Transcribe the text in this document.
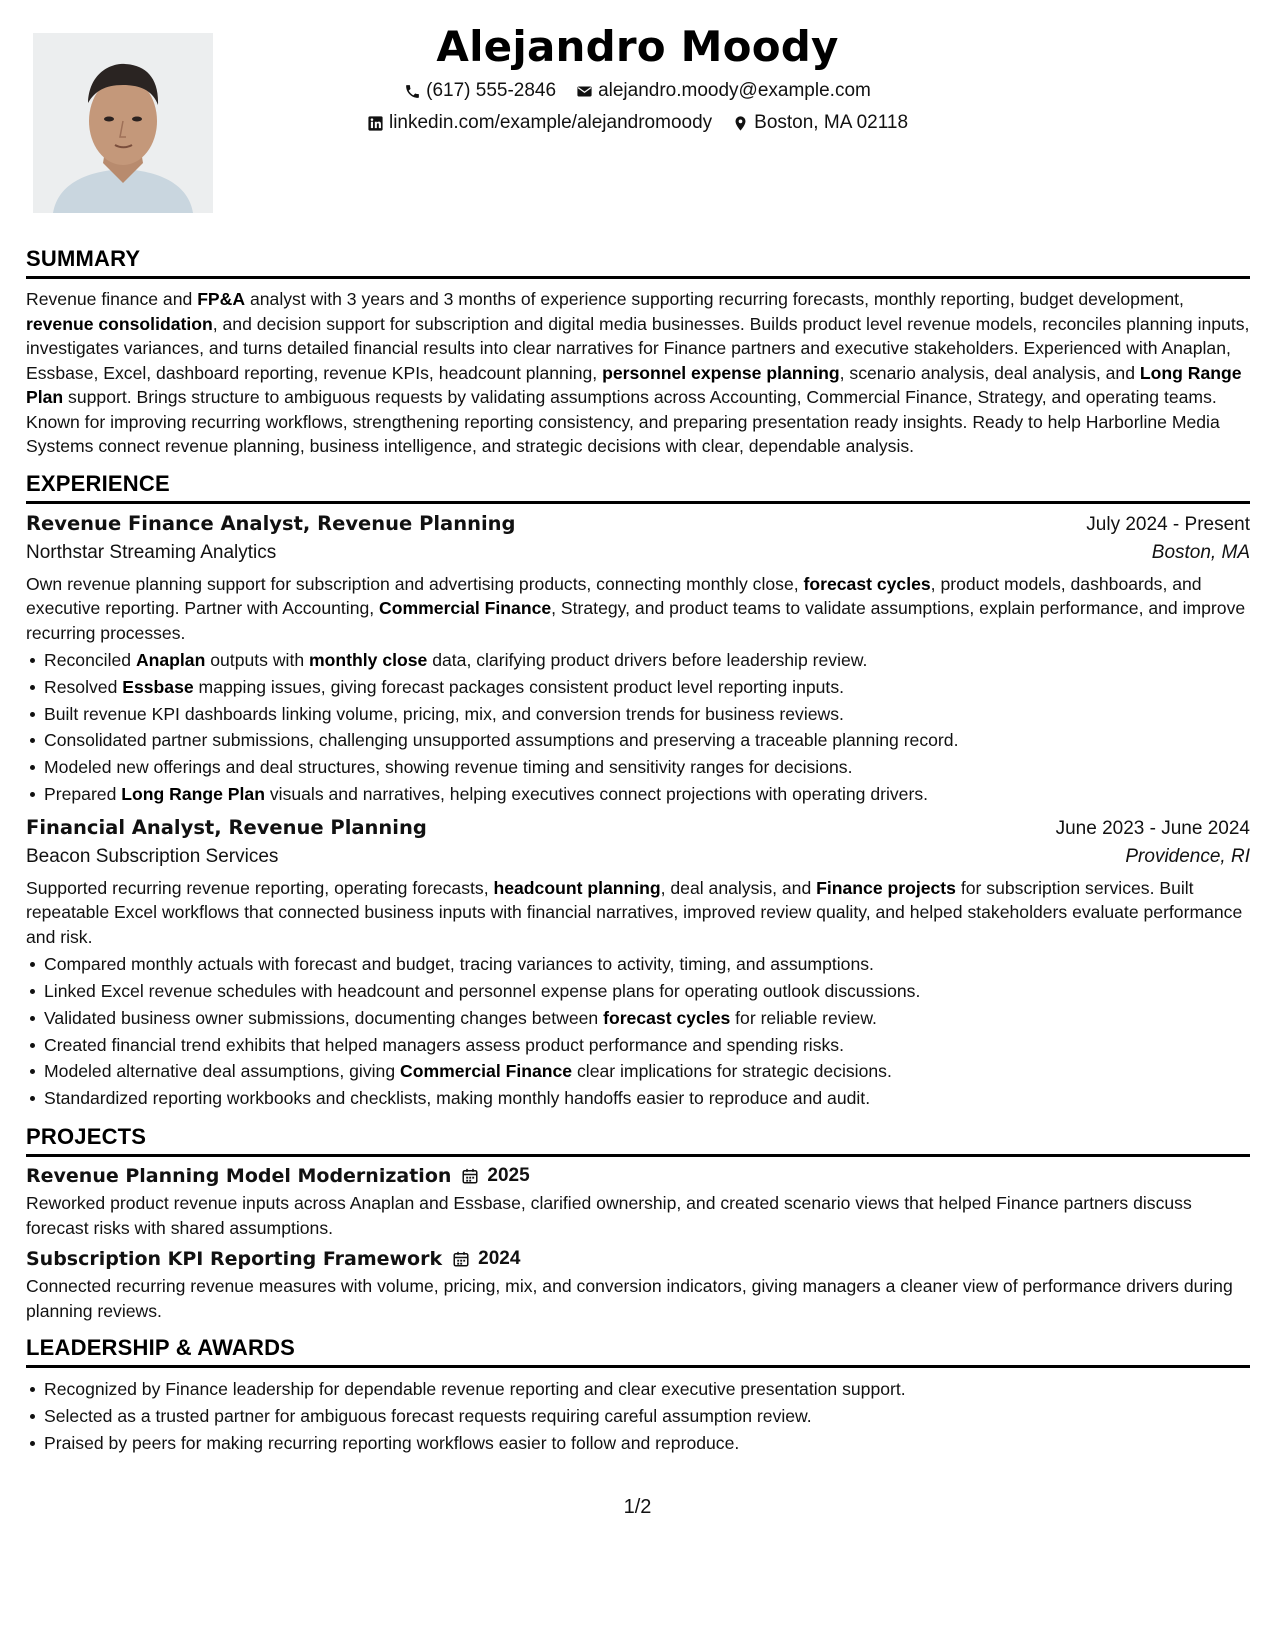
Alejandro Moody
(617) 555-2846 alejandro.moody@example.com
linkedin.com/example/alejandromoody Boston, MA 02118
SUMMARY

Revenue finance and FP&A analyst with 3 years and 3 months of experience supporting recurring forecasts, monthly reporting, budget development, revenue consolidation, and decision support for subscription and digital media businesses. Builds product level revenue models, reconciles planning inputs, investigates variances, and turns detailed financial results into clear narratives for Finance partners and executive stakeholders. Experienced with Anaplan, Essbase, Excel, dashboard reporting, revenue KPIs, headcount planning, personnel expense planning, scenario analysis, deal analysis, and Long Range Plan support. Brings structure to ambiguous requests by validating assumptions across Accounting, Commercial Finance, Strategy, and operating teams. Known for improving recurring workflows, strengthening reporting consistency, and preparing presentation ready insights. Ready to help Harborline Media Systems connect revenue planning, business intelligence, and strategic decisions with clear, dependable analysis.

EXPERIENCE
Revenue Finance Analyst, Revenue Planning	July 2024 - Present
Northstar Streaming Analytics	Boston, MA

Own revenue planning support for subscription and advertising products, connecting monthly close, forecast cycles, product models, dashboards, and executive reporting. Partner with Accounting, Commercial Finance, Strategy, and product teams to validate assumptions, explain performance, and improve recurring processes.

Reconciled Anaplan outputs with monthly close data, clarifying product drivers before leadership review.
Resolved Essbase mapping issues, giving forecast packages consistent product level reporting inputs.
Built revenue KPI dashboards linking volume, pricing, mix, and conversion trends for business reviews.
Consolidated partner submissions, challenging unsupported assumptions and preserving a traceable planning record.
Modeled new offerings and deal structures, showing revenue timing and sensitivity ranges for decisions.
Prepared Long Range Plan visuals and narratives, helping executives connect projections with operating drivers.
Financial Analyst, Revenue Planning	June 2023 - June 2024
Beacon Subscription Services	Providence, RI

Supported recurring revenue reporting, operating forecasts, headcount planning, deal analysis, and Finance projects for subscription services. Built repeatable Excel workflows that connected business inputs with financial narratives, improved review quality, and helped stakeholders evaluate performance and risk.

Compared monthly actuals with forecast and budget, tracing variances to activity, timing, and assumptions.
Linked Excel revenue schedules with headcount and personnel expense plans for operating outlook discussions.
Validated business owner submissions, documenting changes between forecast cycles for reliable review.
Created financial trend exhibits that helped managers assess product performance and spending risks.
Modeled alternative deal assumptions, giving Commercial Finance clear implications for strategic decisions.
Standardized reporting workbooks and checklists, making monthly handoffs easier to reproduce and audit.
PROJECTS
Revenue Planning Model Modernization 2025

Reworked product revenue inputs across Anaplan and Essbase, clarified ownership, and created scenario views that helped Finance partners discuss forecast risks with shared assumptions.

Subscription KPI Reporting Framework 2024

Connected recurring revenue measures with volume, pricing, mix, and conversion indicators, giving managers a cleaner view of performance drivers during planning reviews.

LEADERSHIP & AWARDS
Recognized by Finance leadership for dependable revenue reporting and clear executive presentation support.
Selected as a trusted partner for ambiguous forecast requests requiring careful assumption review.
Praised by peers for making recurring reporting workflows easier to follow and reproduce.
1/2
